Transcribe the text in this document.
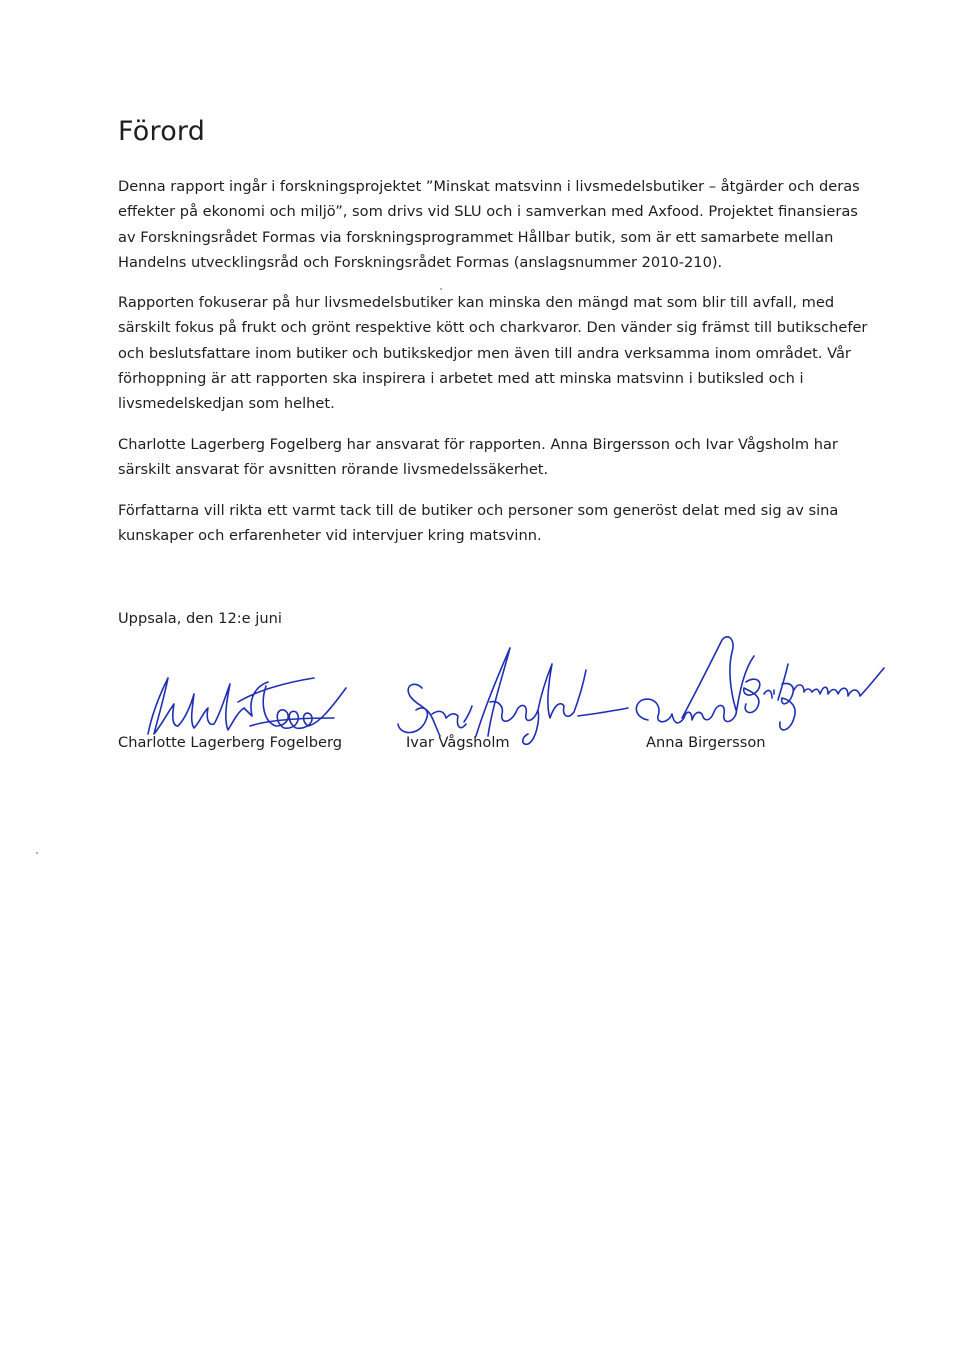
Förord

Denna rapport ingår i forskningsprojektet ”Minskat matsvinn i livsmedelsbutiker – åtgärder och deras effekter på ekonomi och miljö”, som drivs vid SLU och i samverkan med Axfood. Projektet finansieras av Forskningsrådet Formas via forskningsprogrammet Hållbar butik, som är ett samarbete mellan Handelns utvecklingsråd och Forskningsrådet Formas (anslagsnummer 2010-210).

Rapporten fokuserar på hur livsmedelsbutiker kan minska den mängd mat som blir till avfall, med särskilt fokus på frukt och grönt respektive kött och charkvaror. Den vänder sig främst till butikschefer och beslutsfattare inom butiker och butikskedjor men även till andra verksamma inom området. Vår förhoppning är att rapporten ska inspirera i arbetet med att minska matsvinn i butiksled och i livsmedelskedjan som helhet.

Charlotte Lagerberg Fogelberg har ansvarat för rapporten. Anna Birgersson och Ivar Vågsholm har särskilt ansvarat för avsnitten rörande livsmedelssäkerhet.

Författarna vill rikta ett varmt tack till de butiker och personer som generöst delat med sig av sina kunskaper och erfarenheter vid intervjuer kring matsvinn.

Uppsala, den 12:e juni

Charlotte Lagerberg Fogelberg	Ivar Vågsholm	Anna Birgersson
